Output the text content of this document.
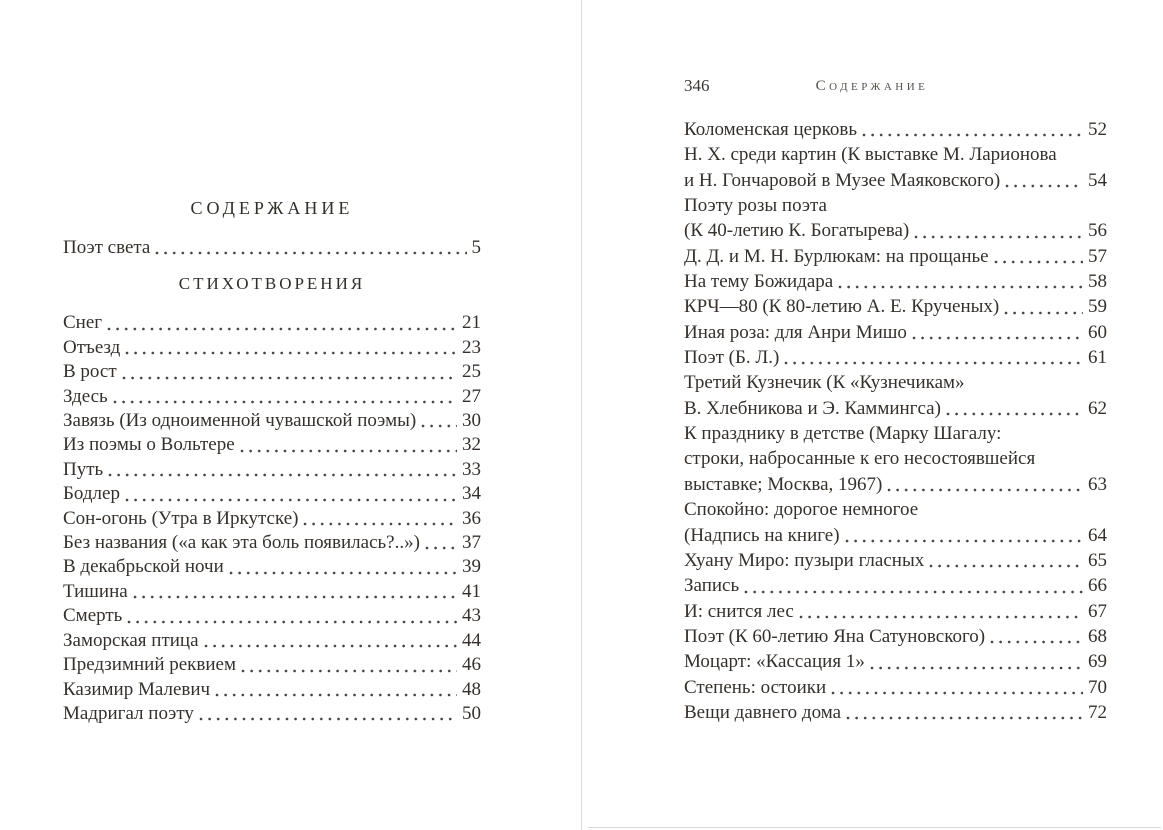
СОДЕРЖАНИЕ
Поэт света	5
СТИХОТВОРЕНИЯ
Снег	21
Отъезд	23
В рост	25
Здесь	27
Завязь (Из одноименной чувашской поэмы) 30
Из поэмы о Вольтере	32
Путь	33
Бодлер	34
Сон-огонь (Утра в Иркутске)	36
Без названия («а как эта боль появилась?..») 37
В декабрьской ночи	39
Тишина	41
Смерть	43
Заморская птица	44
Предзимний реквием	46
Казимир Малевич	48
Мадригал поэту	50
Содержание
346
Коломенская церковь	52
Н. Х. среди картин (К выставке М. Ларионова
и Н. Гончаровой в Музее Маяковского)	54
Поэту розы поэта
(К 40-летию К. Богатырева)	56
Д. Д. и М. Н. Бурлюкам: на прощанье	57
На тему Божидара	58
КРЧ—80 (К 80-летию А. Е. Крученых)	59
Иная роза: для Анри Мишо	60
Поэт (Б. Л.)	61
Третий Кузнечик (К «Кузнечикам»
В. Хлебникова и Э. Каммингса)	62
К празднику в детстве (Марку Шагалу:
строки, набросанные к его несостоявшейся
выставке; Москва, 1967)	63
Спокойно: дорогое немногое
(Надпись на книге)	64
Хуану Миро: пузыри гласных	65
Запись	66
И: снится лес	67
Поэт (К 60-летию Яна Сатуновского)	68
Моцарт: «Кассация 1»	69
Степень: остоики	70
Вещи давнего дома	72
